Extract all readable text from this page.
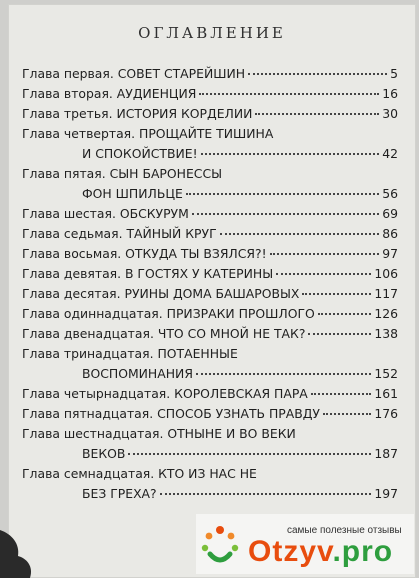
ОГЛАВЛЕНИЕ
Глава первая. СОВЕТ СТАРЕЙШИН	5
Глава вторая. АУДИЕНЦИЯ	16
Глава третья. ИСТОРИЯ КОРДЕЛИИ	30
Глава четвертая. ПРОЩАЙТЕ ТИШИНА
И СПОКОЙСТВИЕ!	42
Глава пятая. СЫН БАРОНЕССЫ
ФОН ШПИЛЬЦЕ	56
Глава шестая. ОБСКУРУМ	69
Глава седьмая. ТАЙНЫЙ КРУГ	86
Глава восьмая. ОТКУДА ТЫ ВЗЯЛСЯ?!	97
Глава девятая. В ГОСТЯХ У КАТЕРИНЫ	106
Глава десятая. РУИНЫ ДОМА БАШАРОВЫХ	117
Глава одиннадцатая. ПРИЗРАКИ ПРОШЛОГО	126
Глава двенадцатая. ЧТО СО МНОЙ НЕ ТАК?	138
Глава тринадцатая. ПОТАЕННЫЕ
ВОСПОМИНАНИЯ	152
Глава четырнадцатая. КОРОЛЕВСКАЯ ПАРА	161
Глава пятнадцатая. СПОСОБ УЗНАТЬ ПРАВДУ	176
Глава шестнадцатая. ОТНЫНЕ И ВО ВЕКИ
ВЕКОВ	187
Глава семнадцатая. КТО ИЗ НАС НЕ
БЕЗ ГРЕХА?	197
самые полезные отзывы
Otzyv.pro
